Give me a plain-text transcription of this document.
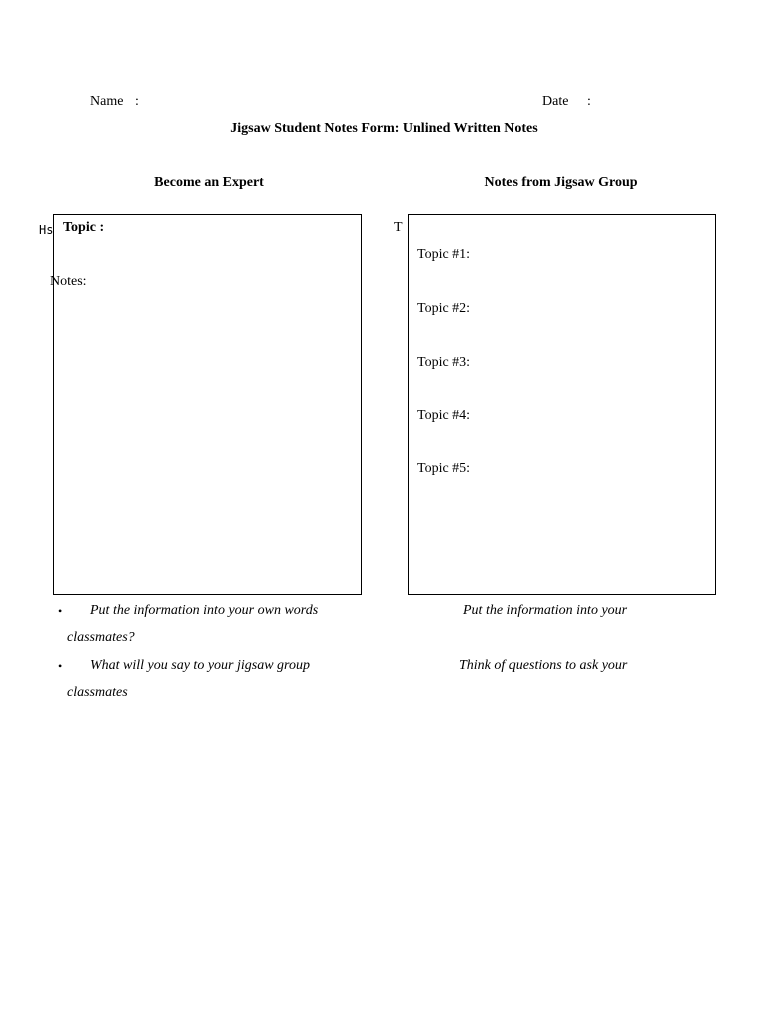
Name :	Date :
Jigsaw Student Notes Form: Unlined Written Notes
Become an Expert	Notes from Jigsaw Group
Hs Topic :
Notes:
T
Topic #1:
Topic #2:
Topic #3:
Topic #4:
Topic #5:
• Put the information into your own words
classmates?
• What will you say to your jigsaw group
classmates
Put the information into your
Think of questions to ask your
